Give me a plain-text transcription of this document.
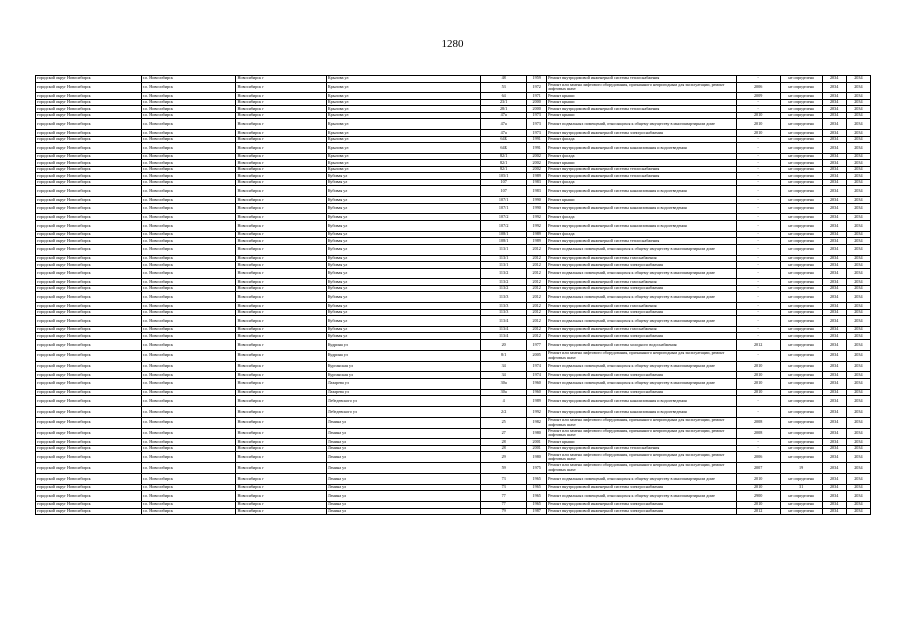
1280
городской округ Новосибирск	г.о. Новосибирск	Новосибирск г	Крылова ул	48	1959	Ремонт внутридомовой инженерной системы теплоснабжения	-	не определена	2034	2034
городской округ Новосибирск	г.о. Новосибирск	Новосибирск г	Крылова ул	53	1972	Ремонт или замена лифтового оборудования, признанного непригодным для эксплуатации, ремонт лифтовых шахт	2006	не определена	2034	2034
городской округ Новосибирск	г.о. Новосибирск	Новосибирск г	Крылова ул	64	1971	Ремонт крыши	2009	не определена	2034	2034
городской округ Новосибирск	г.о. Новосибирск	Новосибирск г	Крылова ул	23/1	2000	Ремонт крыши	-	не определена	2034	2034
городской округ Новосибирск	г.о. Новосибирск	Новосибирск г	Крылова ул	28/1	2000	Ремонт внутридомовой инженерной системы теплоснабжения	-	не определена	2034	2034
городской округ Новосибирск	г.о. Новосибирск	Новосибирск г	Крылова ул	47а	1973	Ремонт крыши	2010	не определена	2034	2034
городской округ Новосибирск	г.о. Новосибирск	Новосибирск г	Крылова ул	47а	1973	Ремонт подвальных помещений, относящихся к общему имуществу в многоквартирном доме	2010	не определена	2034	2034
городской округ Новосибирск	г.о. Новосибирск	Новосибирск г	Крылова ул	47а	1973	Ремонт внутридомовой инженерной системы электроснабжения	2010	не определена	2034	2034
городской округ Новосибирск	г.о. Новосибирск	Новосибирск г	Крылова ул	64Б	1991	Ремонт фасада	-	не определена	2034	2034
городской округ Новосибирск	г.о. Новосибирск	Новосибирск г	Крылова ул	64Б	1991	Ремонт внутридомовой инженерной системы канализования и водоотведения	-	не определена	2034	2034
городской округ Новосибирск	г.о. Новосибирск	Новосибирск г	Крылова ул	82/1	2002	Ремонт фасада	-	не определена	2034	2034
городской округ Новосибирск	г.о. Новосибирск	Новосибирск г	Крылова ул	82/1	2002	Ремонт крыши	-	не определена	2034	2034
городской округ Новосибирск	г.о. Новосибирск	Новосибирск г	Крылова ул	82/1	2002	Ремонт внутридомовой инженерной системы теплоснабжения	-	не определена	2034	2034
городской округ Новосибирск	г.о. Новосибирск	Новосибирск г	Кубовая ул	105/1	1989	Ремонт внутридомовой инженерной системы теплоснабжения	-	не определена	2034	2034
городской округ Новосибирск	г.о. Новосибирск	Новосибирск г	Кубовая ул	107	1983	Ремонт фасада	-	не определена	2034	2034
городской округ Новосибирск	г.о. Новосибирск	Новосибирск г	Кубовая ул	107	1983	Ремонт внутридомовой инженерной системы канализования и водоотведения	-	не определена	2034	2034
городской округ Новосибирск	г.о. Новосибирск	Новосибирск г	Кубовая ул	107/1	1990	Ремонт крыши	-	не определена	2034	2034
городской округ Новосибирск	г.о. Новосибирск	Новосибирск г	Кубовая ул	107/1	1990	Ремонт внутридомовой инженерной системы канализования и водоотведения	-	не определена	2034	2034
городской округ Новосибирск	г.о. Новосибирск	Новосибирск г	Кубовая ул	107/2	1992	Ремонт фасада	-	не определена	2034	2034
городской округ Новосибирск	г.о. Новосибирск	Новосибирск г	Кубовая ул	107/2	1992	Ремонт внутридомовой инженерной системы канализования и водоотведения	-	не определена	2034	2034
городской округ Новосибирск	г.о. Новосибирск	Новосибирск г	Кубовая ул	108/1	1989	Ремонт фасада	-	не определена	2034	2034
городской округ Новосибирск	г.о. Новосибирск	Новосибирск г	Кубовая ул	108/1	1989	Ремонт внутридомовой инженерной системы теплоснабжения	-	не определена	2034	2034
городской округ Новосибирск	г.о. Новосибирск	Новосибирск г	Кубовая ул	113/1	2012	Ремонт подвальных помещений, относящихся к общему имуществу в многоквартирном доме	-	не определена	2034	2034
городской округ Новосибирск	г.о. Новосибирск	Новосибирск г	Кубовая ул	113/1	2012	Ремонт внутридомовой инженерной системы газоснабжения	-	не определена	2034	2034
городской округ Новосибирск	г.о. Новосибирск	Новосибирск г	Кубовая ул	113/1	2012	Ремонт внутридомовой инженерной системы электроснабжения	-	не определена	2034	2034
городской округ Новосибирск	г.о. Новосибирск	Новосибирск г	Кубовая ул	113/2	2012	Ремонт подвальных помещений, относящихся к общему имуществу в многоквартирном доме	-	не определена	2034	2034
городской округ Новосибирск	г.о. Новосибирск	Новосибирск г	Кубовая ул	113/2	2012	Ремонт внутридомовой инженерной системы газоснабжения	-	не определена	2034	2034
городской округ Новосибирск	г.о. Новосибирск	Новосибирск г	Кубовая ул	113/2	2012	Ремонт внутридомовой инженерной системы электроснабжения	-	не определена	2034	2034
городской округ Новосибирск	г.о. Новосибирск	Новосибирск г	Кубовая ул	113/3	2012	Ремонт подвальных помещений, относящихся к общему имуществу в многоквартирном доме	-	не определена	2034	2034
городской округ Новосибирск	г.о. Новосибирск	Новосибирск г	Кубовая ул	113/3	2012	Ремонт внутридомовой инженерной системы газоснабжения	-	не определена	2034	2034
городской округ Новосибирск	г.о. Новосибирск	Новосибирск г	Кубовая ул	113/3	2012	Ремонт внутридомовой инженерной системы электроснабжения	-	не определена	2034	2034
городской округ Новосибирск	г.о. Новосибирск	Новосибирск г	Кубовая ул	113/4	2012	Ремонт подвальных помещений, относящихся к общему имуществу в многоквартирном доме	-	не определена	2034	2034
городской округ Новосибирск	г.о. Новосибирск	Новосибирск г	Кубовая ул	113/4	2012	Ремонт внутридомовой инженерной системы газоснабжения	-	не определена	2034	2034
городской округ Новосибирск	г.о. Новосибирск	Новосибирск г	Кубовая ул	113/4	2012	Ремонт внутридомовой инженерной системы электроснабжения	-	не определена	2034	2034
городской округ Новосибирск	г.о. Новосибирск	Новосибирск г	Кудрина ул	20	1977	Ремонт внутридомовой инженерной системы холодного водоснабжения	2012	не определена	2034	2034
городской округ Новосибирск	г.о. Новосибирск	Новосибирск г	Кудрина ул	8/1	2005	Ремонт или замена лифтового оборудования, признанного непригодным для эксплуатации, ремонт лифтовых шахт	-	не определена	2034	2034
городской округ Новосибирск	г.о. Новосибирск	Новосибирск г	Курганская ул	34	1974	Ремонт подвальных помещений, относящихся к общему имуществу в многоквартирном доме	2010	не определена	2034	2034
городской округ Новосибирск	г.о. Новосибирск	Новосибирск г	Курганская ул	34	1974	Ремонт внутридомовой инженерной системы электроснабжения	2010	не определена	2034	2034
городской округ Новосибирск	г.о. Новосибирск	Новосибирск г	Лазарева ул	30а	1960	Ремонт подвальных помещений, относящихся к общему имуществу в многоквартирном доме	2010	не определена	2034	2034
городской округ Новосибирск	г.о. Новосибирск	Новосибирск г	Лазарева ул	30а	1960	Ремонт внутридомовой инженерной системы электроснабжения	2010	не определена	2034	2034
городской округ Новосибирск	г.о. Новосибирск	Новосибирск г	Лебедевского ул	4	1989	Ремонт внутридомовой инженерной системы канализования и водоотведения	-	не определена	2034	2034
городской округ Новосибирск	г.о. Новосибирск	Новосибирск г	Лебедевского ул	2/2	1992	Ремонт внутридомовой инженерной системы канализования и водоотведения	-	не определена	2034	2034
городской округ Новосибирск	г.о. Новосибирск	Новосибирск г	Ленина ул	25	1982	Ремонт или замена лифтового оборудования, признанного непригодным для эксплуатации, ремонт лифтовых шахт	2008	не определена	2034	2034
городской округ Новосибирск	г.о. Новосибирск	Новосибирск г	Ленина ул	27	1980	Ремонт или замена лифтового оборудования, признанного непригодным для эксплуатации, ремонт лифтовых шахт	2008	не определена	2034	2034
городской округ Новосибирск	г.о. Новосибирск	Новосибирск г	Ленина ул	28	2001	Ремонт крыши	-	не определена	2034	2034
городской округ Новосибирск	г.о. Новосибирск	Новосибирск г	Ленина ул	28	2001	Ремонт внутридомовой инженерной системы теплоснабжения	-	не определена	2034	2034
городской округ Новосибирск	г.о. Новосибирск	Новосибирск г	Ленина ул	29	1980	Ремонт или замена лифтового оборудования, признанного непригодным для эксплуатации, ремонт лифтовых шахт	2006	не определена	2034	2034
городской округ Новосибирск	г.о. Новосибирск	Новосибирск г	Ленина ул	59	1975	Ремонт или замена лифтового оборудования, признанного непригодным для эксплуатации, ремонт лифтовых шахт	2007	19	2034	2034
городской округ Новосибирск	г.о. Новосибирск	Новосибирск г	Ленина ул	73	1965	Ремонт подвальных помещений, относящихся к общему имуществу в многоквартирном доме	2010	не определена	2034	2034
городской округ Новосибирск	г.о. Новосибирск	Новосибирск г	Ленина ул	73	1965	Ремонт внутридомовой инженерной системы электроснабжения	2010	31	2034	2034
городской округ Новосибирск	г.о. Новосибирск	Новосибирск г	Ленина ул	77	1965	Ремонт подвальных помещений, относящихся к общему имуществу в многоквартирном доме	2900	не определена	2034	2034
городской округ Новосибирск	г.о. Новосибирск	Новосибирск г	Ленина ул	77	1965	Ремонт внутридомовой инженерной системы электроснабжения	2010	не определена	2034	2034
городской округ Новосибирск	г.о. Новосибирск	Новосибирск г	Ленина ул	79	1987	Ремонт внутридомовой инженерной системы электроснабжения	2012	не определена	2034	2034
